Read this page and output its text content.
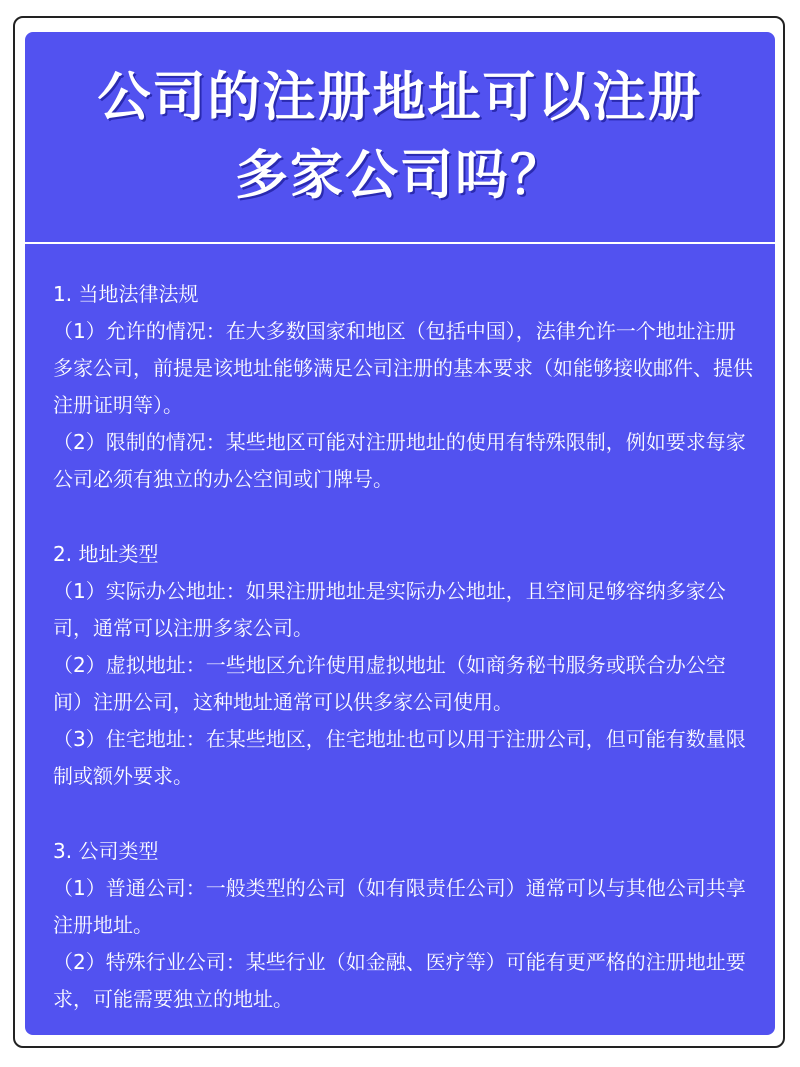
公司的注册地址可以注册
多家公司吗？
1. 当地法律法规
（1）允许的情况：在大多数国家和地区（包括中国），法律允许一个地址注册多家公司，前提是该地址能够满足公司注册的基本要求（如能够接收邮件、提供注册证明等）。
（2）限制的情况：某些地区可能对注册地址的使用有特殊限制，例如要求每家公司必须有独立的办公空间或门牌号。
2. 地址类型
（1）实际办公地址：如果注册地址是实际办公地址，且空间足够容纳多家公司，通常可以注册多家公司。
（2）虚拟地址：一些地区允许使用虚拟地址（如商务秘书服务或联合办公空间）注册公司，这种地址通常可以供多家公司使用。
（3）住宅地址：在某些地区，住宅地址也可以用于注册公司，但可能有数量限制或额外要求。
3. 公司类型
（1）普通公司：一般类型的公司（如有限责任公司）通常可以与其他公司共享注册地址。
（2）特殊行业公司：某些行业（如金融、医疗等）可能有更严格的注册地址要求，可能需要独立的地址。
